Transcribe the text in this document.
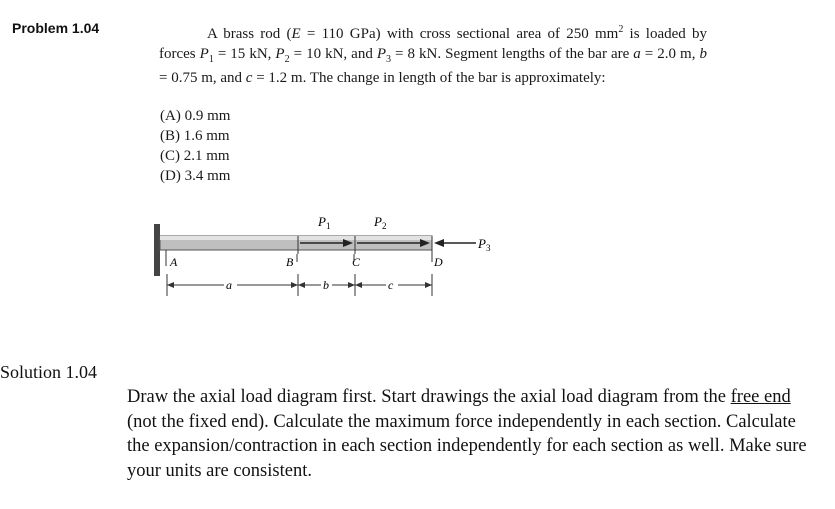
Problem 1.04	A brass rod (E = 110 GPa) with cross sectional area of 250 $mm^2$ is loaded by forces $P_1 = 15$ kN, $P_2 = 10$ kN, and $P_3 = 8$ kN. Segment lengths of the bar are a = 2.0 m, b = 0.75 m, and c = 1.2 m. The change in length of the bar is approximately:

(A) 0.9 mm
(B) 1.6 mm
(C) 2.1 mm
(D) 3.4 mm
$P_1$	$P_2$
$P_3$
A	B	C	D
a	b	c
Solution 1.04
Draw the axial load diagram first. Start drawings the axial load diagram from the free end (not the fixed end). Calculate the maximum force independently in each section. Calculate the expansion/contraction in each section independently for each section as well. Make sure your units are consistent.
